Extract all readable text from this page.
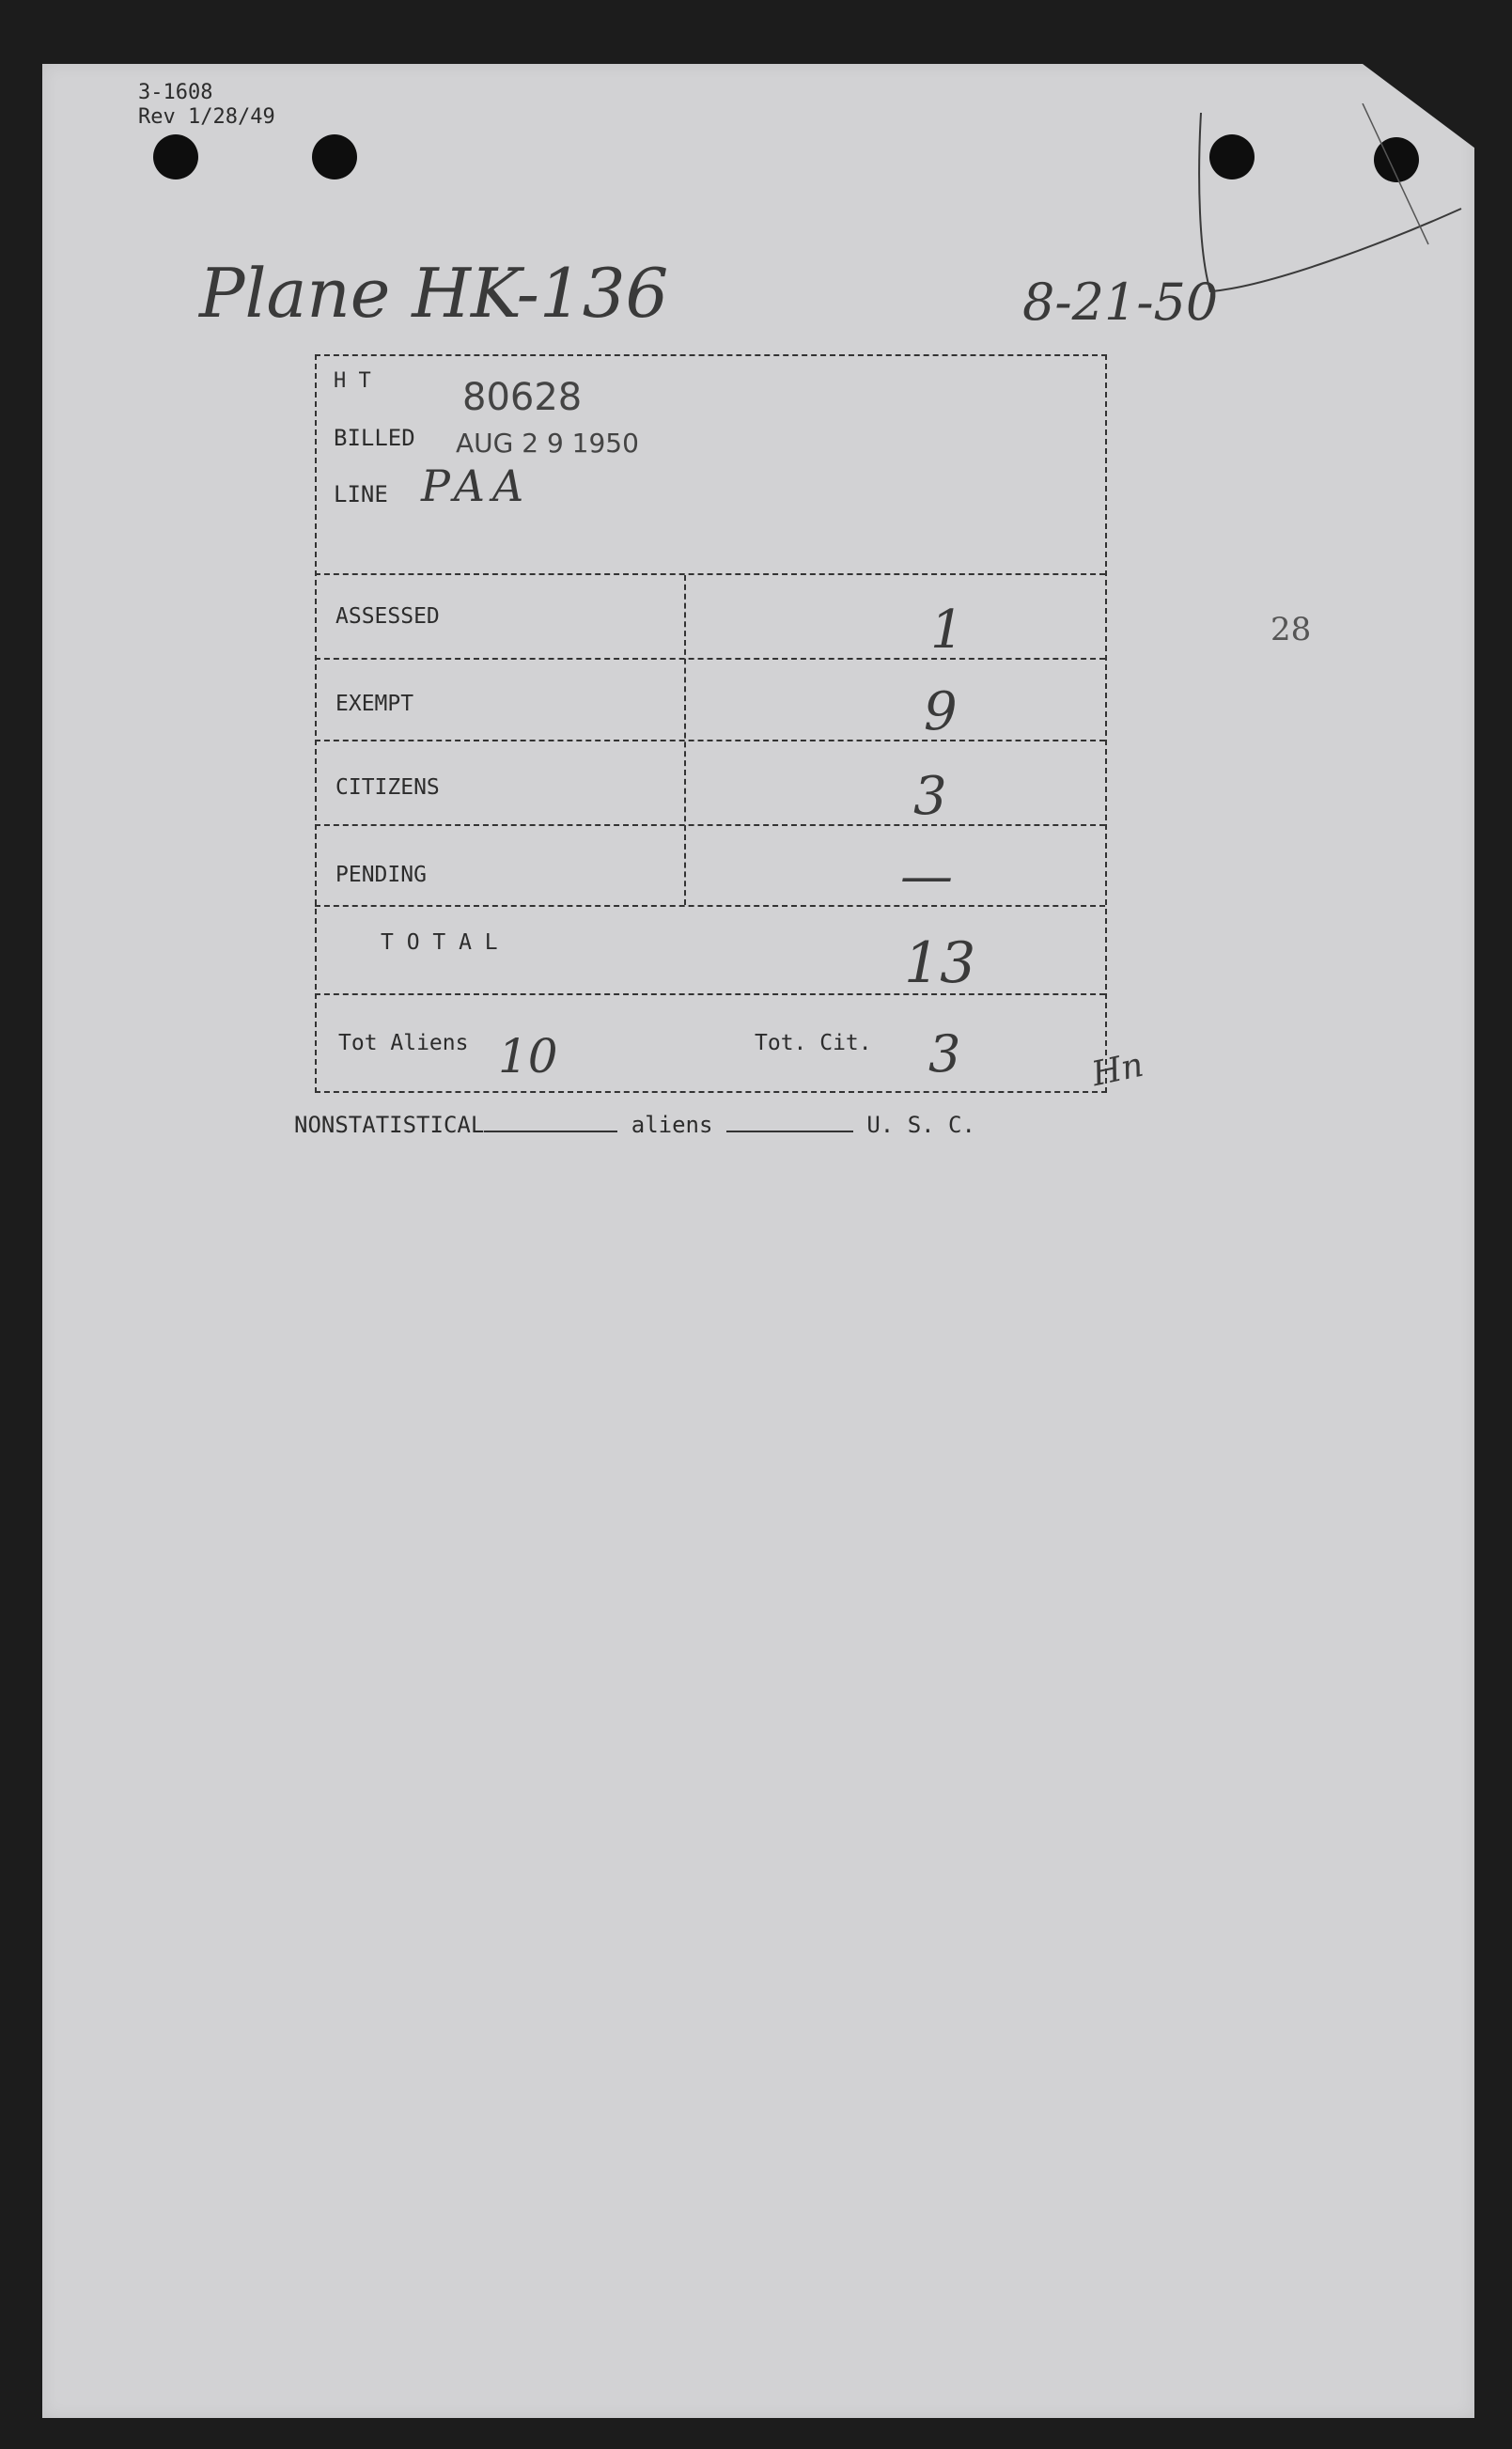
3-1608
Rev 1/28/49
Plane HK-136	8-21-50
28
H T 80628
BILLED AUG 2 9 1950
LINE PAA
ASSESSED	1
EXEMPT	9
CITIZENS	3
PENDING	—
T O T A L	13
Tot Aliens 10	Tot. Cit. 3	Hn
NONSTATISTICAL	aliens	U. S. C.
